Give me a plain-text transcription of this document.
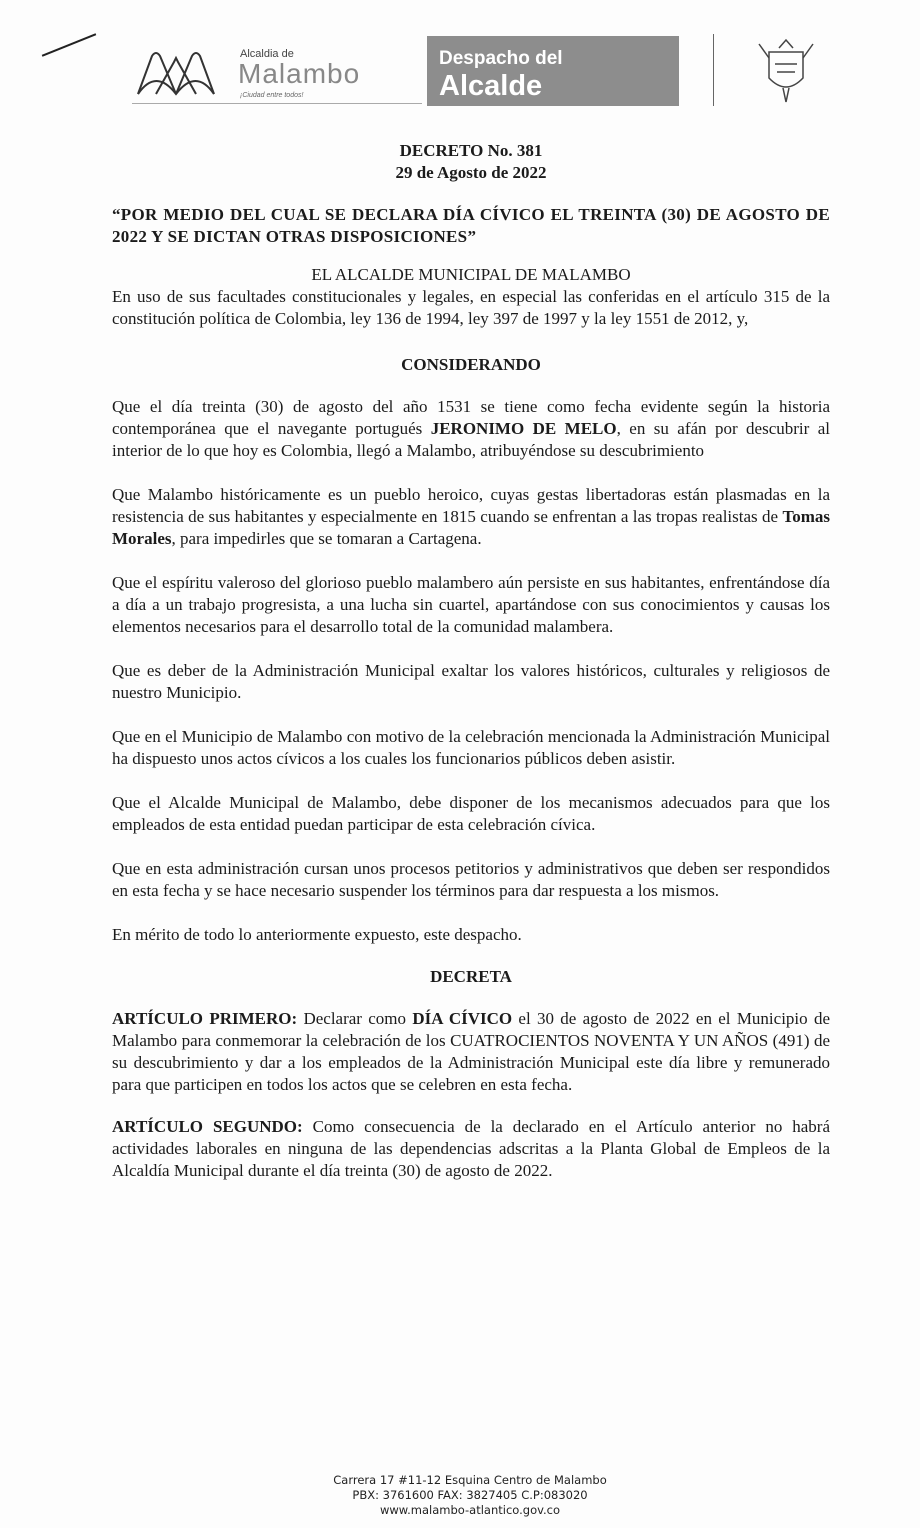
Alcaldia de
Malambo
¡Ciudad entre todos!
Despacho del
Alcalde
DECRETO No. 381
29 de Agosto de 2022

“POR MEDIO DEL CUAL SE DECLARA DÍA CÍVICO EL TREINTA (30) DE AGOSTO DE 2022 Y SE DICTAN OTRAS DISPOSICIONES”

EL ALCALDE MUNICIPAL DE MALAMBO

En uso de sus facultades constitucionales y legales, en especial las conferidas en el artículo 315 de la constitución política de Colombia, ley 136 de 1994, ley 397 de 1997 y la ley 1551 de 2012, y,

CONSIDERANDO

Que el día treinta (30) de agosto del año 1531 se tiene como fecha evidente según la historia contemporánea que el navegante portugués JERONIMO DE MELO, en su afán por descubrir al interior de lo que hoy es Colombia, llegó a Malambo, atribuyéndose su descubrimiento

Que Malambo históricamente es un pueblo heroico, cuyas gestas libertadoras están plasmadas en la resistencia de sus habitantes y especialmente en 1815 cuando se enfrentan a las tropas realistas de Tomas Morales, para impedirles que se tomaran a Cartagena.

Que el espíritu valeroso del glorioso pueblo malambero aún persiste en sus habitantes, enfrentándose día a día a un trabajo progresista, a una lucha sin cuartel, apartándose con sus conocimientos y causas los elementos necesarios para el desarrollo total de la comunidad malambera.

Que es deber de la Administración Municipal exaltar los valores históricos, culturales y religiosos de nuestro Municipio.

Que en el Municipio de Malambo con motivo de la celebración mencionada la Administración Municipal ha dispuesto unos actos cívicos a los cuales los funcionarios públicos deben asistir.

Que el Alcalde Municipal de Malambo, debe disponer de los mecanismos adecuados para que los empleados de esta entidad puedan participar de esta celebración cívica.

Que en esta administración cursan unos procesos petitorios y administrativos que deben ser respondidos en esta fecha y se hace necesario suspender los términos para dar respuesta a los mismos.

En mérito de todo lo anteriormente expuesto, este despacho.

DECRETA

ARTÍCULO PRIMERO: Declarar como DÍA CÍVICO el 30 de agosto de 2022 en el Municipio de Malambo para conmemorar la celebración de los CUATROCIENTOS NOVENTA Y UN AÑOS (491) de su descubrimiento y dar a los empleados de la Administración Municipal este día libre y remunerado para que participen en todos los actos que se celebren en esta fecha.

ARTÍCULO SEGUNDO: Como consecuencia de la declarado en el Artículo anterior no habrá actividades laborales en ninguna de las dependencias adscritas a la Planta Global de Empleos de la Alcaldía Municipal durante el día treinta (30) de agosto de 2022.

Carrera 17 #11-12 Esquina Centro de Malambo
PBX: 3761600 FAX: 3827405 C.P:083020
www.malambo-atlantico.gov.co
